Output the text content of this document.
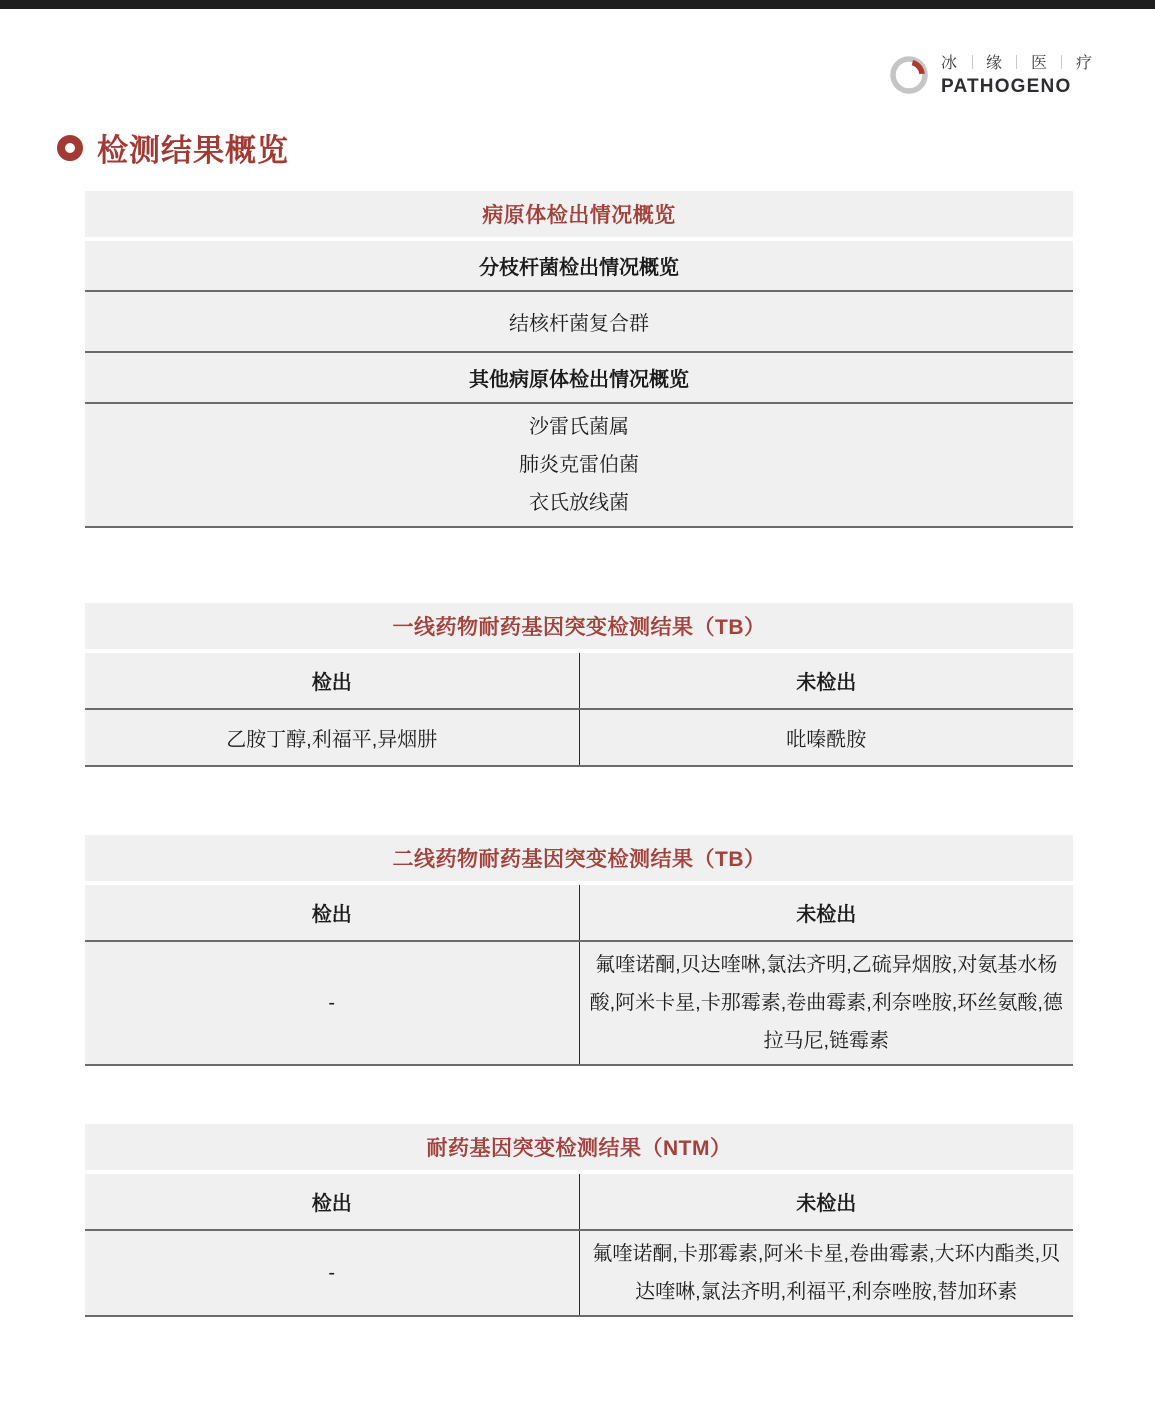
冰 缘 医 疗
PATHOGENO
检测结果概览
病原体检出情况概览
分枝杆菌检出情况概览
结核杆菌复合群
其他病原体检出情况概览

沙雷氏菌属
肺炎克雷伯菌
衣氏放线菌
一线药物耐药基因突变检测结果（TB）
检出	未检出
乙胺丁醇,利福平,异烟肼	吡嗪酰胺
二线药物耐药基因突变检测结果（TB）
检出	未检出
-	氟喹诺酮,贝达喹啉,氯法齐明,乙硫异烟胺,对氨基水杨酸,阿米卡星,卡那霉素,卷曲霉素,利奈唑胺,环丝氨酸,德拉马尼,链霉素
耐药基因突变检测结果（NTM）
检出	未检出
-	氟喹诺酮,卡那霉素,阿米卡星,卷曲霉素,大环内酯类,贝达喹啉,氯法齐明,利福平,利奈唑胺,替加环素
